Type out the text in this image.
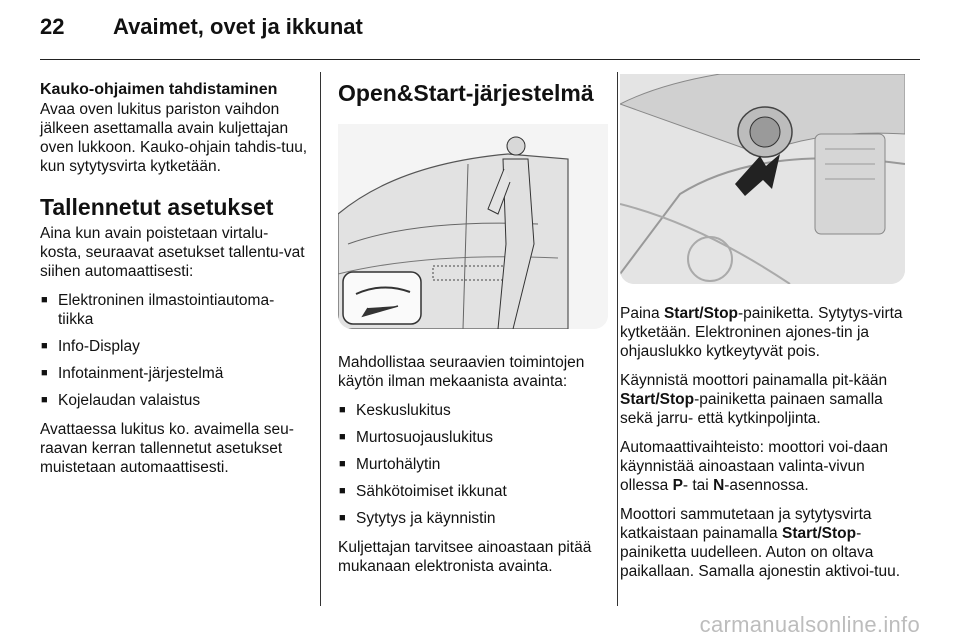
22 Avaimet, ovet ja ikkunat
Kauko-ohjaimen tahdistaminen

Avaa oven lukitus pariston vaihdon jälkeen asettamalla avain kuljettajan oven lukkoon. Kauko-ohjain tahdis-tuu, kun sytytysvirta kytketään.

Tallennetut asetukset

Aina kun avain poistetaan virtalu-kosta, seuraavat asetukset tallentu-vat siihen automaattisesti:

■ Elektroninen ilmastointiautoma-tiikka
■ Info-Display
■ Infotainment-järjestelmä
■ Kojelaudan valaistus

Avattaessa lukitus ko. avaimella seu-raavan kerran tallennetut asetukset muistetaan automaattisesti.

Open&Start-järjestelmä

Mahdollistaa seuraavien toimintojen käytön ilman mekaanista avainta:

■ Keskuslukitus
■ Murtosuojauslukitus
■ Murtohälytin
■ Sähkötoimiset ikkunat
■ Sytytys ja käynnistin

Kuljettajan tarvitsee ainoastaan pitää mukanaan elektronista avainta.

Paina Start/Stop-painiketta. Sytytys-virta kytketään. Elektroninen ajones-tin ja ohjauslukko kytkeytyvät pois.

Käynnistä moottori painamalla pit-kään Start/Stop-painiketta painaen samalla sekä jarru- että kytkinpoljinta.

Automaattivaihteisto: moottori voi-daan käynnistää ainoastaan valinta-vivun ollessa P- tai N-asennossa.

Moottori sammutetaan ja sytytysvirta katkaistaan painamalla Start/Stop-painiketta uudelleen. Auton on oltava paikallaan. Samalla ajonestin aktivoi-tuu.

carmanualsonline.info
